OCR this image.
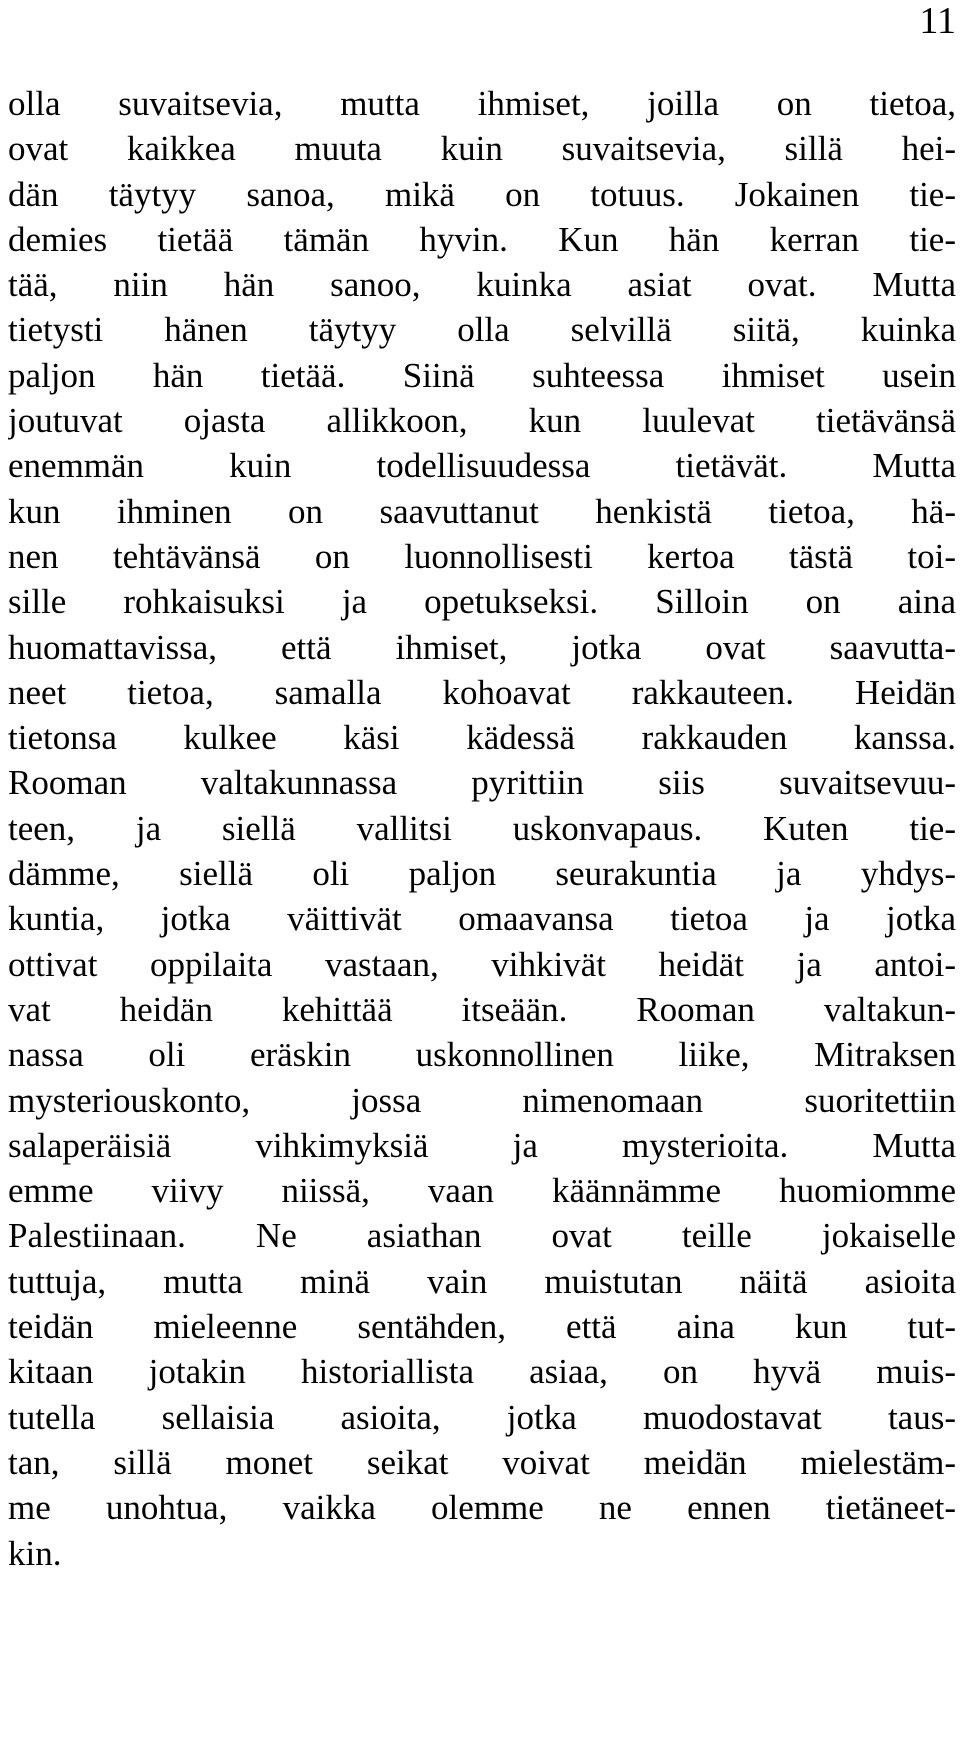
11
olla suvaitsevia, mutta ihmiset, joilla on tietoa,
ovat kaikkea muuta kuin suvaitsevia, sillä hei-
dän täytyy sanoa, mikä on totuus. Jokainen tie-
demies tietää tämän hyvin. Kun hän kerran tie-
tää, niin hän sanoo, kuinka asiat ovat. Mutta
tietysti hänen täytyy olla selvillä siitä, kuinka
paljon hän tietää. Siinä suhteessa ihmiset usein
joutuvat ojasta allikkoon, kun luulevat tietävänsä
enemmän kuin todellisuudessa tietävät. Mutta
kun ihminen on saavuttanut henkistä tietoa, hä-
nen tehtävänsä on luonnollisesti kertoa tästä toi-
sille rohkaisuksi ja opetukseksi. Silloin on aina
huomattavissa, että ihmiset, jotka ovat saavutta-
neet tietoa, samalla kohoavat rakkauteen. Heidän
tietonsa kulkee käsi kädessä rakkauden kanssa.
Rooman valtakunnassa pyrittiin siis suvaitsevuu-
teen, ja siellä vallitsi uskonvapaus. Kuten tie-
dämme, siellä oli paljon seurakuntia ja yhdys-
kuntia, jotka väittivät omaavansa tietoa ja jotka
ottivat oppilaita vastaan, vihkivät heidät ja antoi-
vat heidän kehittää itseään. Rooman valtakun-
nassa oli eräskin uskonnollinen liike, Mitraksen
mysteriouskonto, jossa nimenomaan suoritettiin
salaperäisiä vihkimyksiä ja mysterioita. Mutta
emme viivy niissä, vaan käännämme huomiomme
Palestiinaan. Ne asiathan ovat teille jokaiselle
tuttuja, mutta minä vain muistutan näitä asioita
teidän mieleenne sentähden, että aina kun tut-
kitaan jotakin historiallista asiaa, on hyvä muis-
tutella sellaisia asioita, jotka muodostavat taus-
tan, sillä monet seikat voivat meidän mielestäm-
me unohtua, vaikka olemme ne ennen tietäneet-
kin.
